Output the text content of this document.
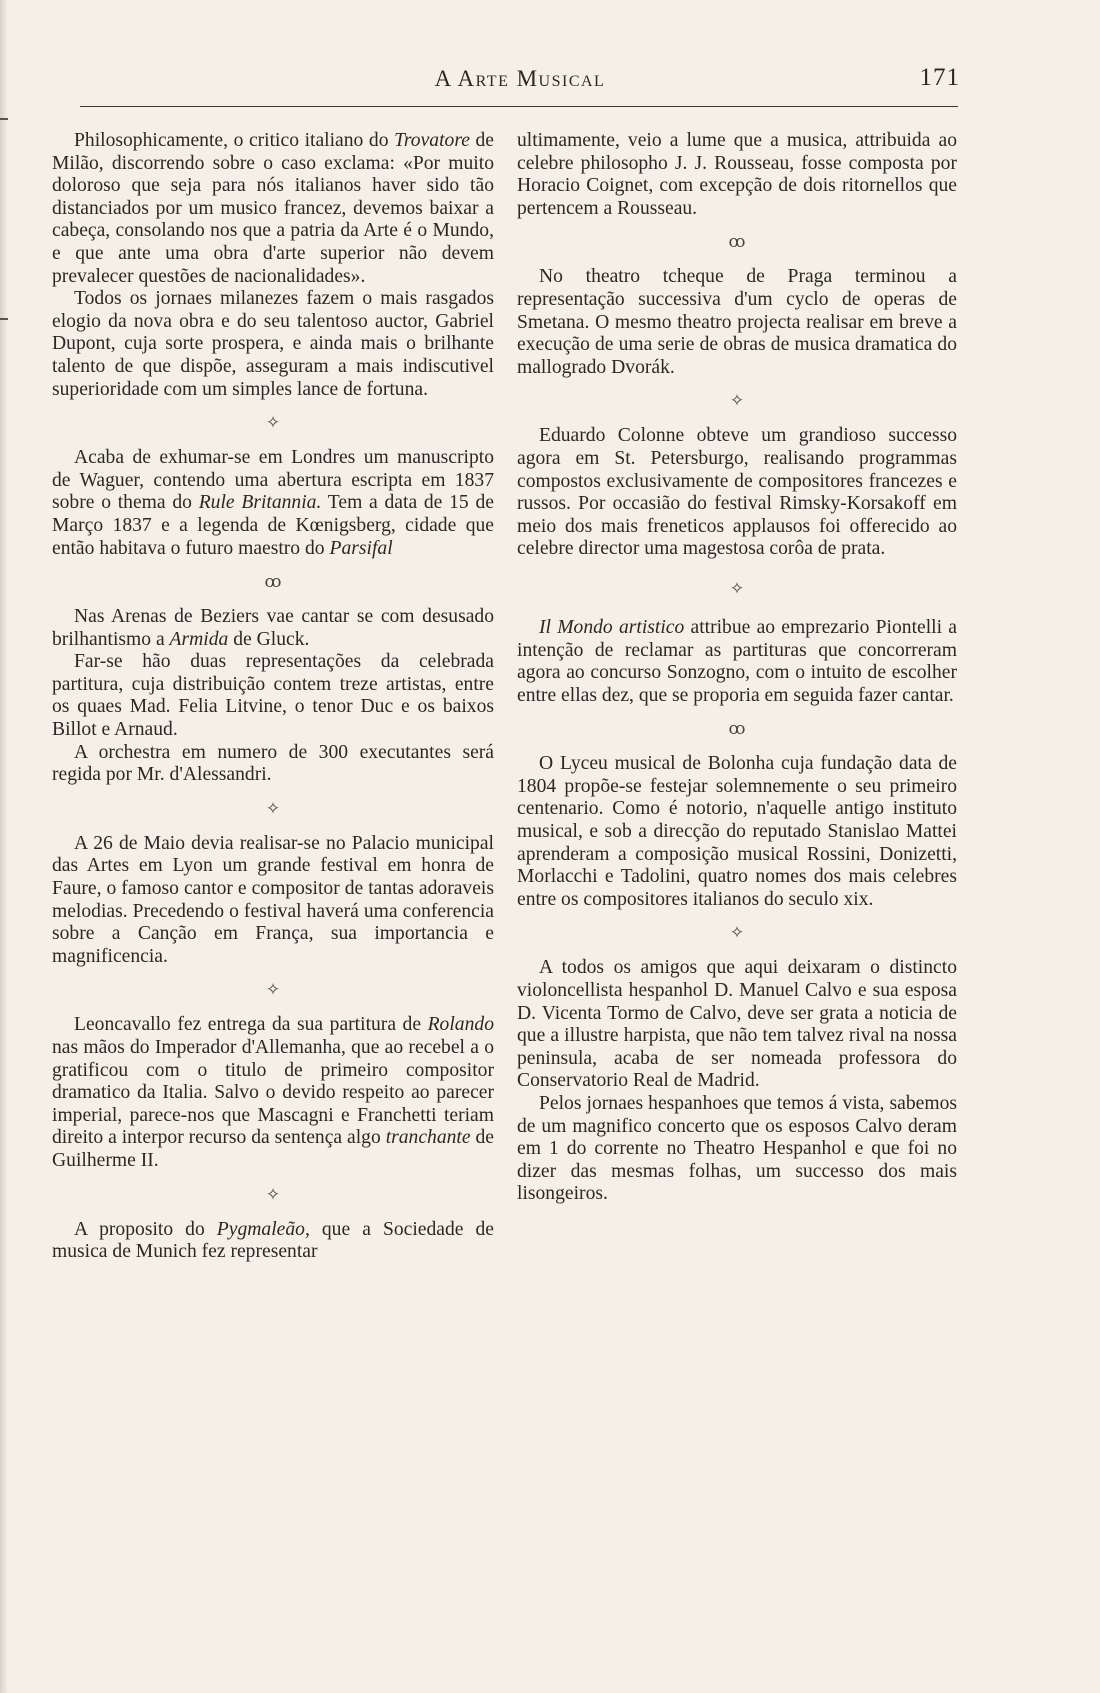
A Arte Musical	171

Philosophicamente, o critico italiano do Trovatore de Milão, discorrendo sobre o caso exclama: «Por muito doloroso que seja para nós italianos haver sido tão distanciados por um musico francez, devemos baixar a cabeça, consolando nos que a patria da Arte é o Mundo, e que ante uma obra d'arte superior não devem prevalecer questões de nacionalidades».

Todos os jornaes milanezes fazem o mais rasgados elogio da nova obra e do seu talentoso auctor, Gabriel Dupont, cuja sorte prospera, e ainda mais o brilhante talento de que dispõe, asseguram a mais indiscutivel superioridade com um simples lance de fortuna.

✧

Acaba de exhumar-se em Londres um manuscripto de Waguer, contendo uma abertura escripta em 1837 sobre o thema do Rule Britannia. Tem a data de 15 de Março 1837 e a legenda de Kœnigsberg, cidade que então habitava o futuro maestro do Parsifal

ꝏ

Nas Arenas de Beziers vae cantar se com desusado brilhantismo a Armida de Gluck.

Far-se hão duas representações da celebrada partitura, cuja distribuição contem treze artistas, entre os quaes Mad. Felia Litvine, o tenor Duc e os baixos Billot e Arnaud.

A orchestra em numero de 300 executantes será regida por Mr. d'Alessandri.

✧

A 26 de Maio devia realisar-se no Palacio municipal das Artes em Lyon um grande festival em honra de Faure, o famoso cantor e compositor de tantas adoraveis melodias. Precedendo o festival haverá uma conferencia sobre a Canção em França, sua importancia e magnificencia.

✧

Leoncavallo fez entrega da sua partitura de Rolando nas mãos do Imperador d'Allemanha, que ao recebel a o gratificou com o titulo de primeiro compositor dramatico da Italia. Salvo o devido respeito ao parecer imperial, parece-nos que Mascagni e Franchetti teriam direito a interpor recurso da sentença algo tranchante de Guilherme II.

✧

A proposito do Pygmaleão, que a Sociedade de musica de Munich fez representar

ultimamente, veio a lume que a musica, attribuida ao celebre philosopho J. J. Rousseau, fosse composta por Horacio Coignet, com excepção de dois ritornellos que pertencem a Rousseau.

ꝏ

No theatro tcheque de Praga terminou a representação successiva d'um cyclo de operas de Smetana. O mesmo theatro projecta realisar em breve a execução de uma serie de obras de musica dramatica do mallogrado Dvorák.

✧

Eduardo Colonne obteve um grandioso successo agora em St. Petersburgo, realisando programmas compostos exclusivamente de compositores francezes e russos. Por occasião do festival Rimsky-Korsakoff em meio dos mais freneticos applausos foi offerecido ao celebre director uma magestosa corôa de prata.

✧

Il Mondo artistico attribue ao emprezario Piontelli a intenção de reclamar as partituras que concorreram agora ao concurso Sonzogno, com o intuito de escolher entre ellas dez, que se proporia em seguida fazer cantar.

ꝏ

O Lyceu musical de Bolonha cuja fundação data de 1804 propõe-se festejar solemnemente o seu primeiro centenario. Como é notorio, n'aquelle antigo instituto musical, e sob a direcção do reputado Stanislao Mattei aprenderam a composição musical Rossini, Donizetti, Morlacchi e Tadolini, quatro nomes dos mais celebres entre os compositores italianos do seculo xix.

✧

A todos os amigos que aqui deixaram o distincto violoncellista hespanhol D. Manuel Calvo e sua esposa D. Vicenta Tormo de Calvo, deve ser grata a noticia de que a illustre harpista, que não tem talvez rival na nossa peninsula, acaba de ser nomeada professora do Conservatorio Real de Madrid.

Pelos jornaes hespanhoes que temos á vista, sabemos de um magnifico concerto que os esposos Calvo deram em 1 do corrente no Theatro Hespanhol e que foi no dizer das mesmas folhas, um successo dos mais lisongeiros.
